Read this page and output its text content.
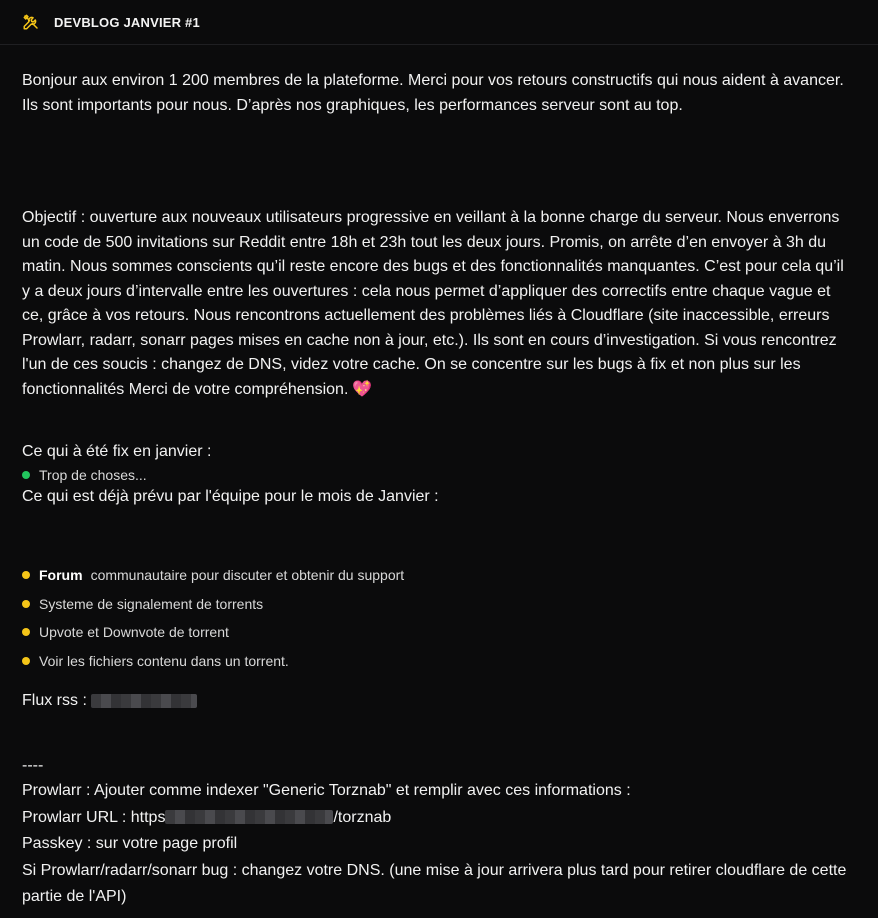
DEVBLOG JANVIER #1

Bonjour aux environ 1 200 membres de la plateforme. Merci pour vos retours constructifs qui nous aident à avancer. Ils sont importants pour nous. D’après nos graphiques, les performances serveur sont au top.

Objectif : ouverture aux nouveaux utilisateurs progressive en veillant à la bonne charge du serveur. Nous enverrons un code de 500 invitations sur Reddit entre 18h et 23h tout les deux jours. Promis, on arrête d’en envoyer à 3h du matin. Nous sommes conscients qu’il reste encore des bugs et des fonctionnalités manquantes. C’est pour cela qu’il y a deux jours d’intervalle entre les ouvertures : cela nous permet d’appliquer des correctifs entre chaque vague et ce, grâce à vos retours. Nous rencontrons actuellement des problèmes liés à Cloudflare (site inaccessible, erreurs Prowlarr, radarr, sonarr pages mises en cache non à jour, etc.). Ils sont en cours d’investigation. Si vous rencontrez l'un de ces soucis : changez de DNS, videz votre cache. On se concentre sur les bugs à fix et non plus sur les fonctionnalités Merci de votre compréhension. 💖

Ce qui à été fix en janvier :

Trop de choses...

Ce qui est déjà prévu par l'équipe pour le mois de Janvier :

Forum communautaire pour discuter et obtenir du support
Systeme de signalement de torrents
Upvote et Downvote de torrent
Voir les fichiers contenu dans un torrent.

Flux rss :

----

Prowlarr : Ajouter comme indexer "Generic Torznab" et remplir avec ces informations :

Prowlarr URL : https	/torznab

Passkey : sur votre page profil

Si Prowlarr/radarr/sonarr bug : changez votre DNS. (une mise à jour arrivera plus tard pour retirer cloudflare de cette partie de l'API)
